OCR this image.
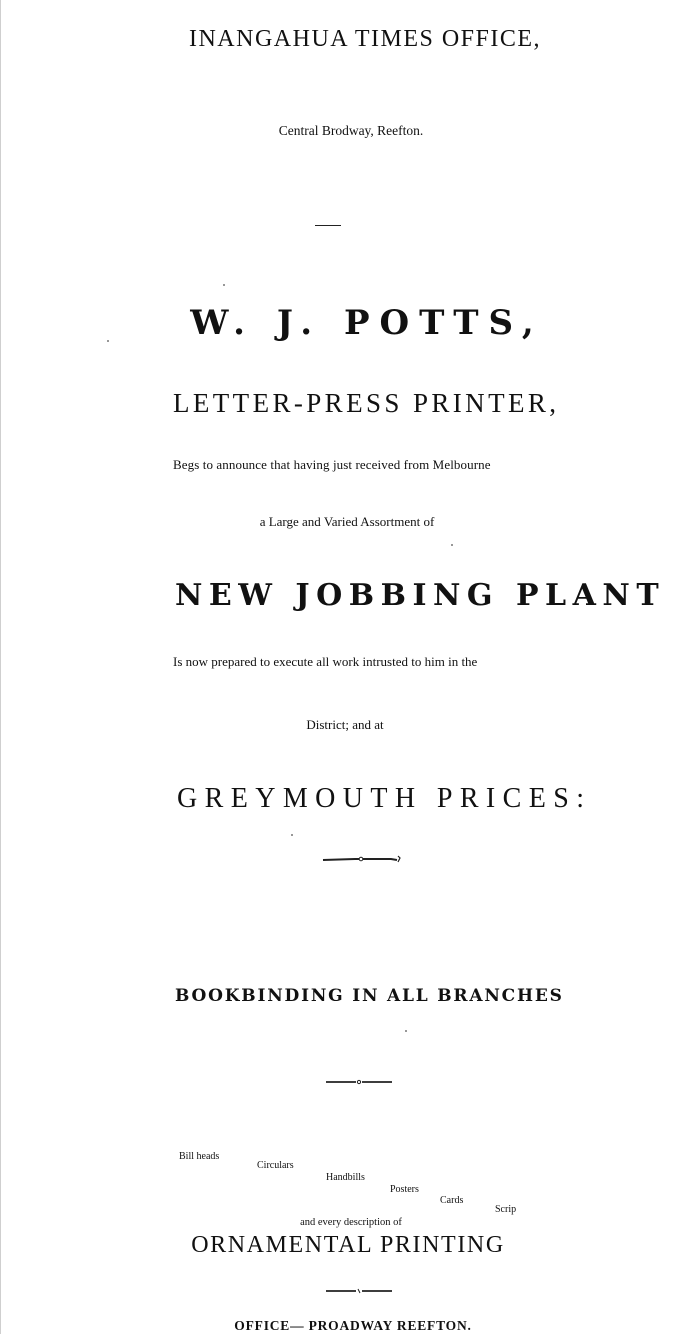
INANGAHUA TIMES OFFICE,
Central Brodway, Reefton.
W. J. POTTS,
LETTER-PRESS PRINTER,
Begs to announce that having just received from Melbourne
a Large and Varied Assortment of
NEW JOBBING PLANT
Is now prepared to execute all work intrusted to him in the
District; and at
GREYMOUTH PRICES:
BOOKBINDING IN ALL BRANCHES
Bill heads
Circulars
Handbills
Posters
Cards
Scrip
and every description of
ORNAMENTAL PRINTING
OFFICE— PROADWAY REEFTON.
